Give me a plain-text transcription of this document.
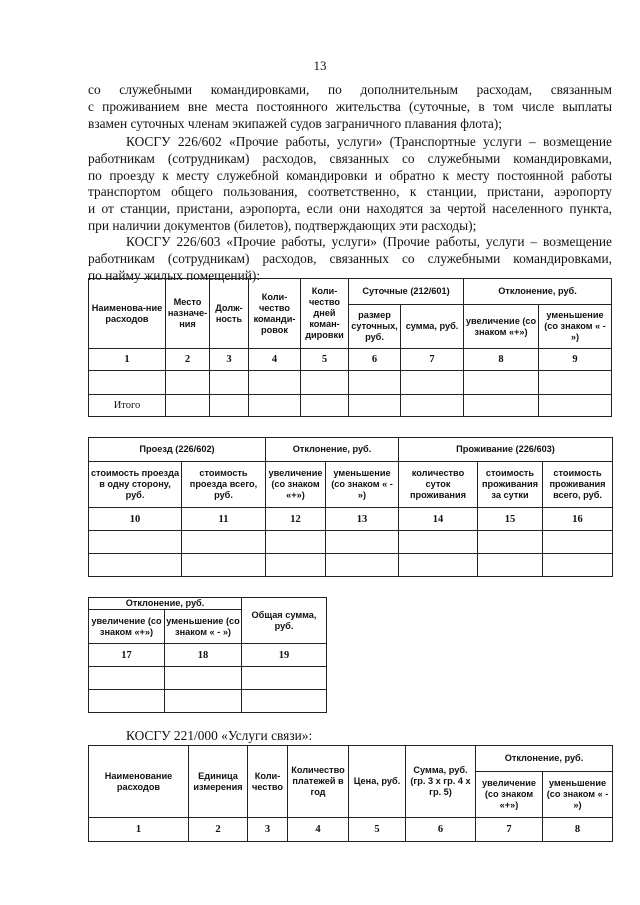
13
со служебными командировками, по дополнительным расходам, связанным
с проживанием вне места постоянного жительства (суточные, в том числе выплаты
взамен суточных членам экипажей судов заграничного плавания флота);
КОСГУ 226/602 «Прочие работы, услуги» (Транспортные услуги – возмещение
работникам (сотрудникам) расходов, связанных со служебными командировками,
по проезду к месту служебной командировки и обратно к месту постоянной работы
транспортом общего пользования, соответственно, к станции, пристани, аэропорту
и от станции, пристани, аэропорта, если они находятся за чертой населенного пункта,
при наличии документов (билетов), подтверждающих эти расходы);
КОСГУ 226/603 «Прочие работы, услуги» (Прочие работы, услуги – возмещение
работникам (сотрудникам) расходов, связанных со служебными командировками,
по найму жилых помещений):
Наименова-ние расходов	Место назначе-ния	Долж-ность	Коли-чество команди-ровок	Коли-чество дней коман-дировки	Суточные (212/601)		Отклонение, руб.	
					размер суточных, руб.	сумма, руб.	увеличение (со знаком «+»)	уменьшение (со знаком « - »)
1	2	3	4	5	6	7	8	9

Итого								
Проезд (226/602)		Отклонение, руб.		Проживание (226/603)		
стоимость проезда в одну сторону, руб.	стоимость проезда всего, руб.	увеличение (со знаком «+»)	уменьшение (со знаком « - »)	количество суток проживания	стоимость проживания за сутки	стоимость проживания всего, руб.
10	11	12	13	14	15	16

Отклонение, руб.		Общая сумма, руб.
увеличение (со знаком «+»)	уменьшение (со знаком « - »)	
17	18	19

КОСГУ 221/000 «Услуги связи»:
Наименование расходов	Единица измерения	Коли-чество	Количество платежей в год	Цена, руб.	Сумма, руб. (гр. 3 х гр. 4 х гр. 5)	Отклонение, руб.	
						увеличение (со знаком «+»)	уменьшение (со знаком « - »)
1	2	3	4	5	6	7	8
